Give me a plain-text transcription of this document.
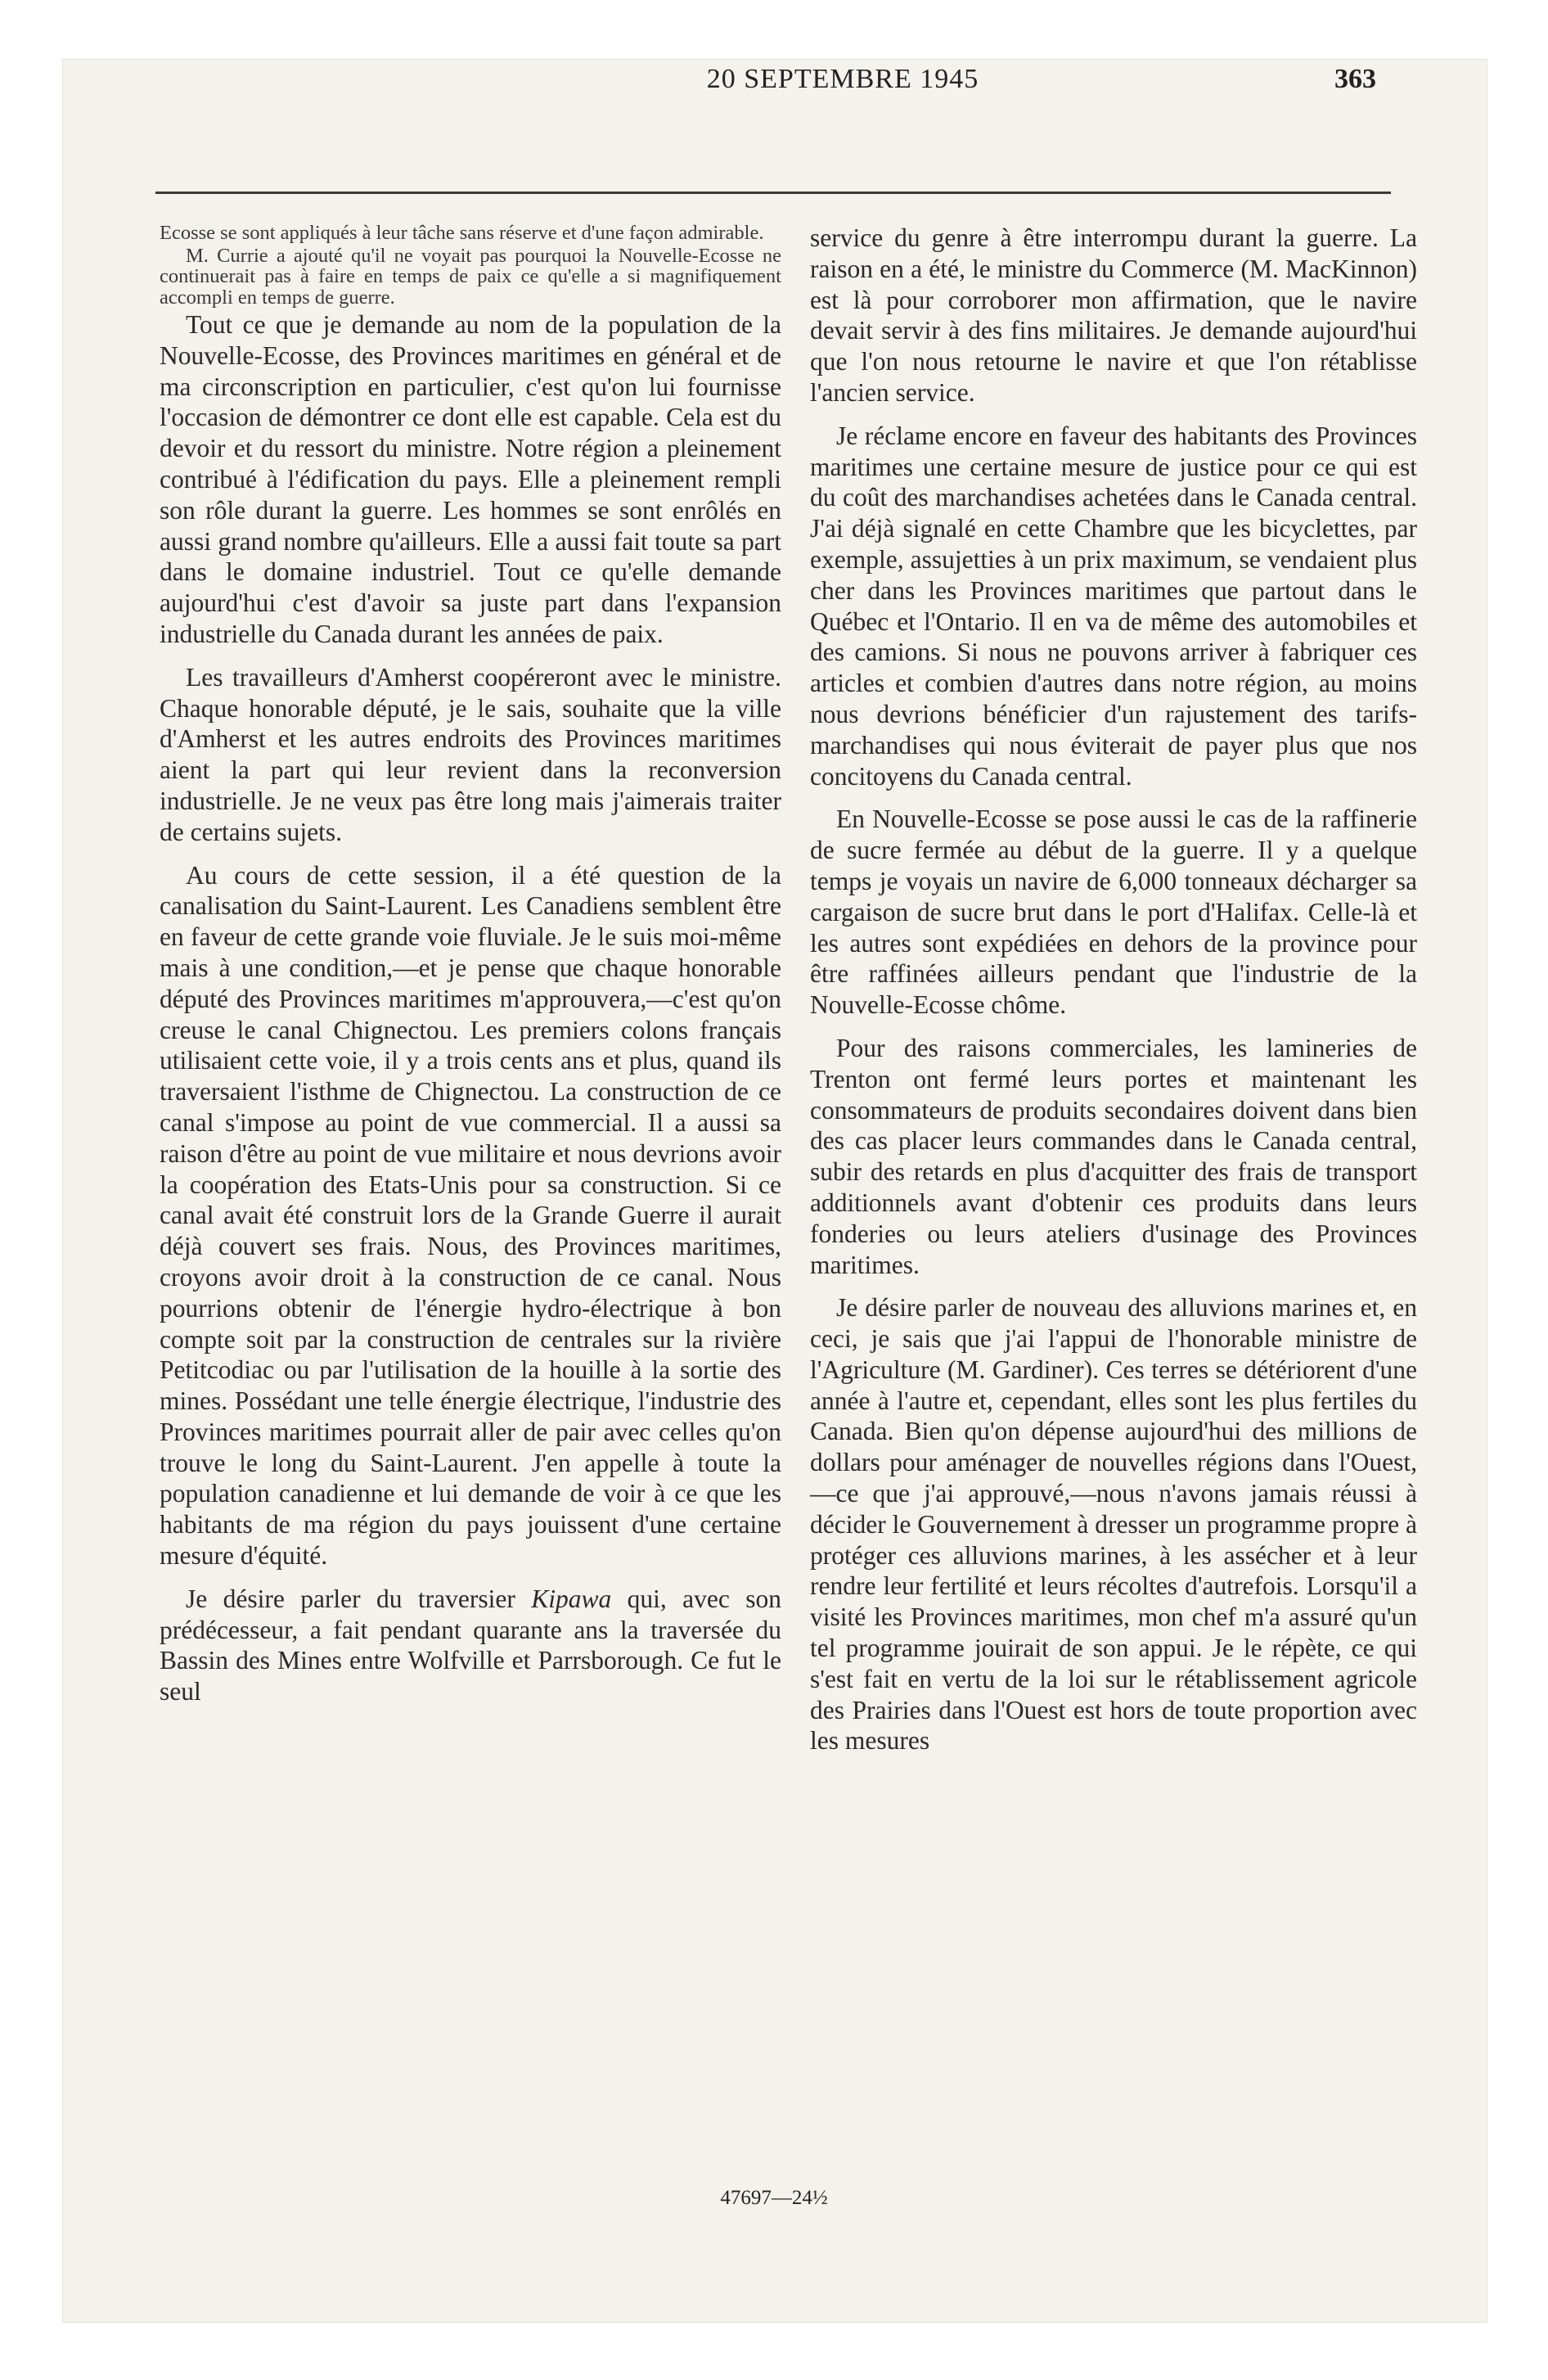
20 SEPTEMBRE 1945	363

Ecosse se sont appliqués à leur tâche sans réserve et d'une façon admirable.

M. Currie a ajouté qu'il ne voyait pas pourquoi la Nouvelle-Ecosse ne continuerait pas à faire en temps de paix ce qu'elle a si magnifiquement accompli en temps de guerre.

Tout ce que je demande au nom de la population de la Nouvelle-Ecosse, des Provinces maritimes en général et de ma circonscription en particulier, c'est qu'on lui fournisse l'occasion de démontrer ce dont elle est capable. Cela est du devoir et du ressort du ministre. Notre région a pleinement contribué à l'édification du pays. Elle a pleinement rempli son rôle durant la guerre. Les hommes se sont enrôlés en aussi grand nombre qu'ailleurs. Elle a aussi fait toute sa part dans le domaine industriel. Tout ce qu'elle demande aujourd'hui c'est d'avoir sa juste part dans l'expansion industrielle du Canada durant les années de paix.

Les travailleurs d'Amherst coopéreront avec le ministre. Chaque honorable député, je le sais, souhaite que la ville d'Amherst et les autres endroits des Provinces maritimes aient la part qui leur revient dans la reconversion industrielle. Je ne veux pas être long mais j'aimerais traiter de certains sujets.

Au cours de cette session, il a été question de la canalisation du Saint-Laurent. Les Canadiens semblent être en faveur de cette grande voie fluviale. Je le suis moi-même mais à une condition,—et je pense que chaque honorable député des Provinces maritimes m'approuvera,—c'est qu'on creuse le canal Chignectou. Les premiers colons français utilisaient cette voie, il y a trois cents ans et plus, quand ils traversaient l'isthme de Chignectou. La construction de ce canal s'impose au point de vue commercial. Il a aussi sa raison d'être au point de vue militaire et nous devrions avoir la coopération des Etats-Unis pour sa construction. Si ce canal avait été construit lors de la Grande Guerre il aurait déjà couvert ses frais. Nous, des Provinces maritimes, croyons avoir droit à la construction de ce canal. Nous pourrions obtenir de l'énergie hydro-électrique à bon compte soit par la construction de centrales sur la rivière Petitcodiac ou par l'utilisation de la houille à la sortie des mines. Possédant une telle énergie électrique, l'industrie des Provinces maritimes pourrait aller de pair avec celles qu'on trouve le long du Saint-Laurent. J'en appelle à toute la population canadienne et lui demande de voir à ce que les habitants de ma région du pays jouissent d'une certaine mesure d'équité.

Je désire parler du traversier Kipawa qui, avec son prédécesseur, a fait pendant quarante ans la traversée du Bassin des Mines entre Wolfville et Parrsborough. Ce fut le seul

service du genre à être interrompu durant la guerre. La raison en a été, le ministre du Commerce (M. MacKinnon) est là pour corroborer mon affirmation, que le navire devait servir à des fins militaires. Je demande aujourd'hui que l'on nous retourne le navire et que l'on rétablisse l'ancien service.

Je réclame encore en faveur des habitants des Provinces maritimes une certaine mesure de justice pour ce qui est du coût des marchandises achetées dans le Canada central. J'ai déjà signalé en cette Chambre que les bicyclettes, par exemple, assujetties à un prix maximum, se vendaient plus cher dans les Provinces maritimes que partout dans le Québec et l'Ontario. Il en va de même des automobiles et des camions. Si nous ne pouvons arriver à fabriquer ces articles et combien d'autres dans notre région, au moins nous devrions bénéficier d'un rajustement des tarifs-marchandises qui nous éviterait de payer plus que nos concitoyens du Canada central.

En Nouvelle-Ecosse se pose aussi le cas de la raffinerie de sucre fermée au début de la guerre. Il y a quelque temps je voyais un navire de 6,000 tonneaux décharger sa cargaison de sucre brut dans le port d'Halifax. Celle-là et les autres sont expédiées en dehors de la province pour être raffinées ailleurs pendant que l'industrie de la Nouvelle-Ecosse chôme.

Pour des raisons commerciales, les lamineries de Trenton ont fermé leurs portes et maintenant les consommateurs de produits secondaires doivent dans bien des cas placer leurs commandes dans le Canada central, subir des retards en plus d'acquitter des frais de transport additionnels avant d'obtenir ces produits dans leurs fonderies ou leurs ateliers d'usinage des Provinces maritimes.

Je désire parler de nouveau des alluvions marines et, en ceci, je sais que j'ai l'appui de l'honorable ministre de l'Agriculture (M. Gardiner). Ces terres se détériorent d'une année à l'autre et, cependant, elles sont les plus fertiles du Canada. Bien qu'on dépense aujourd'hui des millions de dollars pour aménager de nouvelles régions dans l'Ouest,—ce que j'ai approuvé,—nous n'avons jamais réussi à décider le Gouvernement à dresser un programme propre à protéger ces alluvions marines, à les assécher et à leur rendre leur fertilité et leurs récoltes d'autrefois. Lorsqu'il a visité les Provinces maritimes, mon chef m'a assuré qu'un tel programme jouirait de son appui. Je le répète, ce qui s'est fait en vertu de la loi sur le rétablissement agricole des Prairies dans l'Ouest est hors de toute proportion avec les mesures

47697—24½
